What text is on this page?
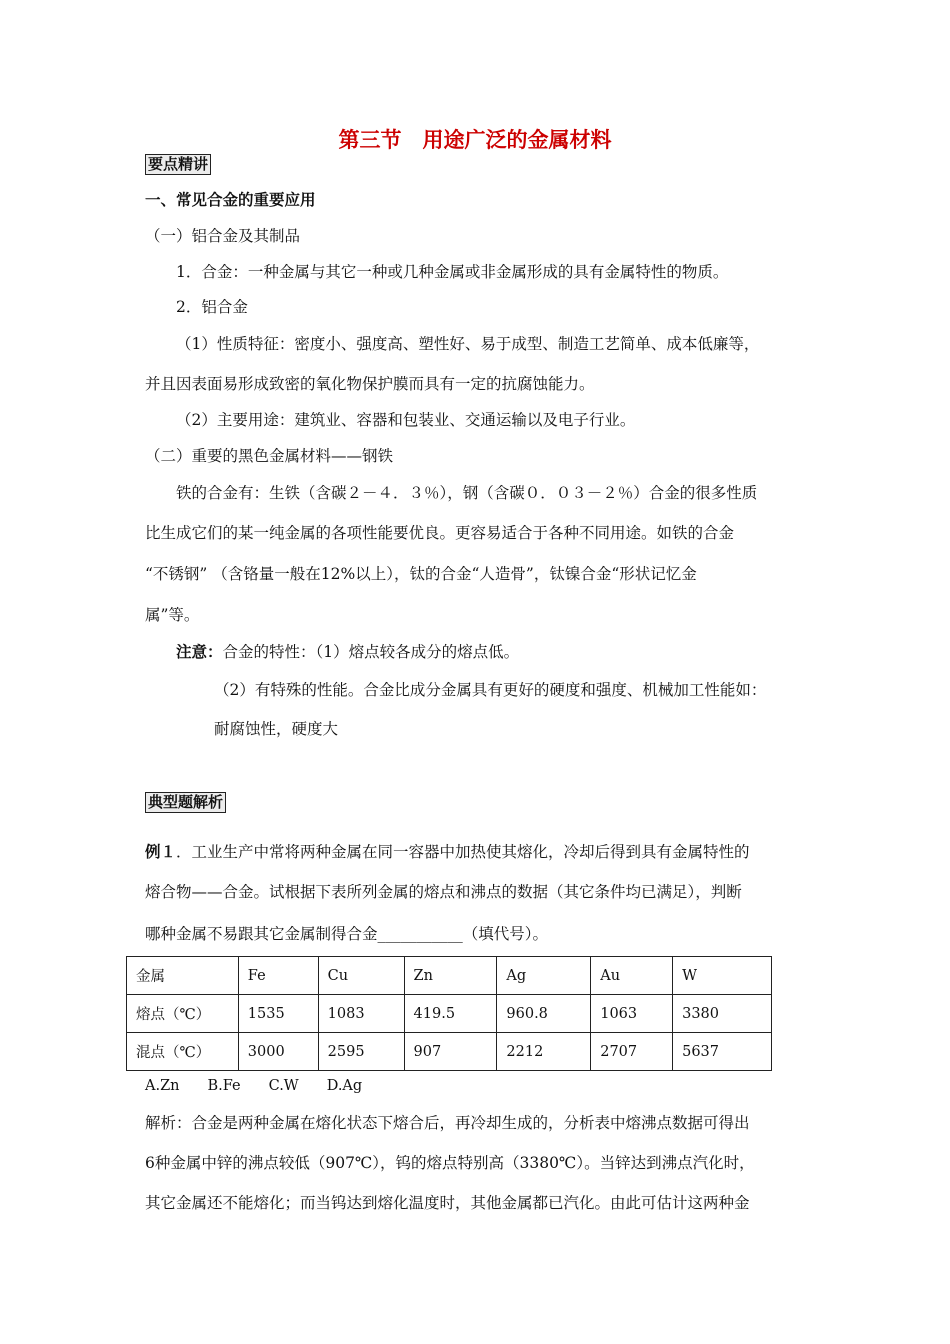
第三节　用途广泛的金属材料
要点精讲
一、常见合金的重要应用
（一）铝合金及其制品
1．合金：一种金属与其它一种或几种金属或非金属形成的具有金属特性的物质。
2．铝合金
（1）性质特征：密度小、强度高、塑性好、易于成型、制造工艺简单、成本低廉等，
并且因表面易形成致密的氧化物保护膜而具有一定的抗腐蚀能力。
（2）主要用途：建筑业、容器和包装业、交通运输以及电子行业。
（二）重要的黑色金属材料——钢铁
铁的合金有：生铁（含碳２－４．３％），钢（含碳０．０３－２％）合金的很多性质
比生成它们的某一纯金属的各项性能要优良。更容易适合于各种不同用途。如铁的合金
“不锈钢” （含铬量一般在12%以上），钛的合金“人造骨”，钛镍合金“形状记忆金
属”等。
注意：合金的特性：（1）熔点较各成分的熔点低。
（2）有特殊的性能。合金比成分金属具有更好的硬度和强度、机械加工性能如：
耐腐蚀性，硬度大
典型题解析
例１．工业生产中常将两种金属在同一容器中加热使其熔化，冷却后得到具有金属特性的
熔合物——合金。试根据下表所列金属的熔点和沸点的数据（其它条件均已满足），判断
哪种金属不易跟其它金属制得合金___________（填代号）。
金属	Fe	Cu	Zn	Ag	Au	W
熔点（℃）	1535	1083	419.5	960.8	1063	3380
混点（℃）	3000	2595	907	2212	2707	5637
A.Zn B.Fe C.W D.Ag
解析：合金是两种金属在熔化状态下熔合后，再冷却生成的，分析表中熔沸点数据可得出
6种金属中锌的沸点较低（907℃），钨的熔点特别高（3380℃）。当锌达到沸点汽化时，
其它金属还不能熔化；而当钨达到熔化温度时，其他金属都已汽化。由此可估计这两种金
